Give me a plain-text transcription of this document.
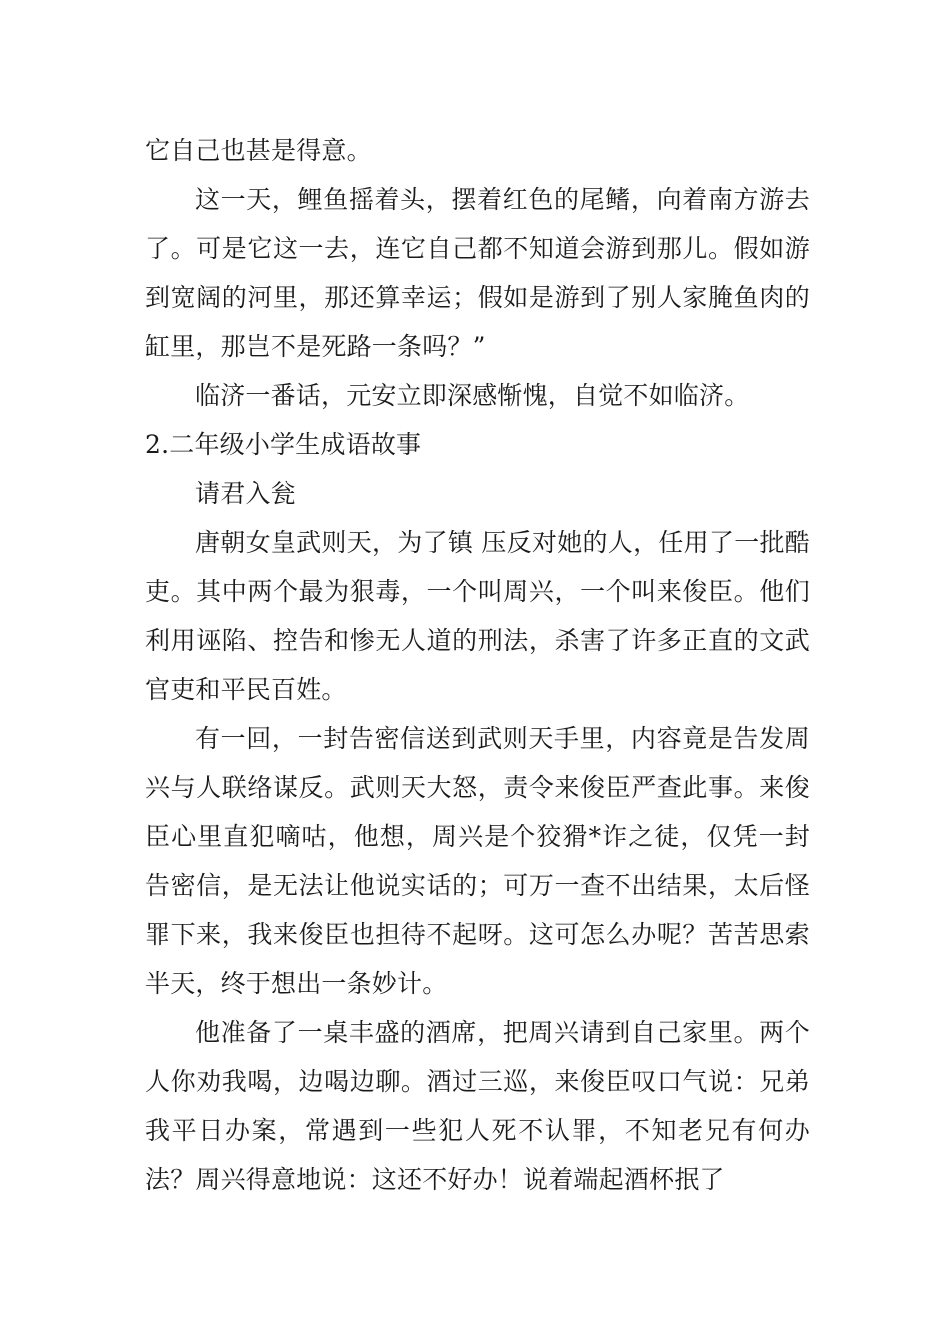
它自己也甚是得意。

这一天，鲤鱼摇着头，摆着红色的尾鳍，向着南方游去了。可是它这一去，连它自己都不知道会游到那儿。假如游到宽阔的河里，那还算幸运；假如是游到了别人家腌鱼肉的缸里，那岂不是死路一条吗？”

临济一番话，元安立即深感惭愧，自觉不如临济。

2.二年级小学生成语故事

请君入瓮

唐朝女皇武则天，为了镇 压反对她的人，任用了一批酷吏。其中两个最为狠毒，一个叫周兴，一个叫来俊臣。他们利用诬陷、控告和惨无人道的刑法，杀害了许多正直的文武官吏和平民百姓。

有一回，一封告密信送到武则天手里，内容竟是告发周兴与人联络谋反。武则天大怒，责令来俊臣严查此事。来俊臣心里直犯嘀咕，他想，周兴是个狡猾*诈之徒，仅凭一封告密信，是无法让他说实话的；可万一查不出结果，太后怪罪下来，我来俊臣也担待不起呀。这可怎么办呢？苦苦思索半天，终于想出一条妙计。

他准备了一桌丰盛的酒席，把周兴请到自己家里。两个人你劝我喝，边喝边聊。酒过三巡，来俊臣叹口气说：兄弟我平日办案，常遇到一些犯人死不认罪，不知老兄有何办法？周兴得意地说：这还不好办！说着端起酒杯抿了
